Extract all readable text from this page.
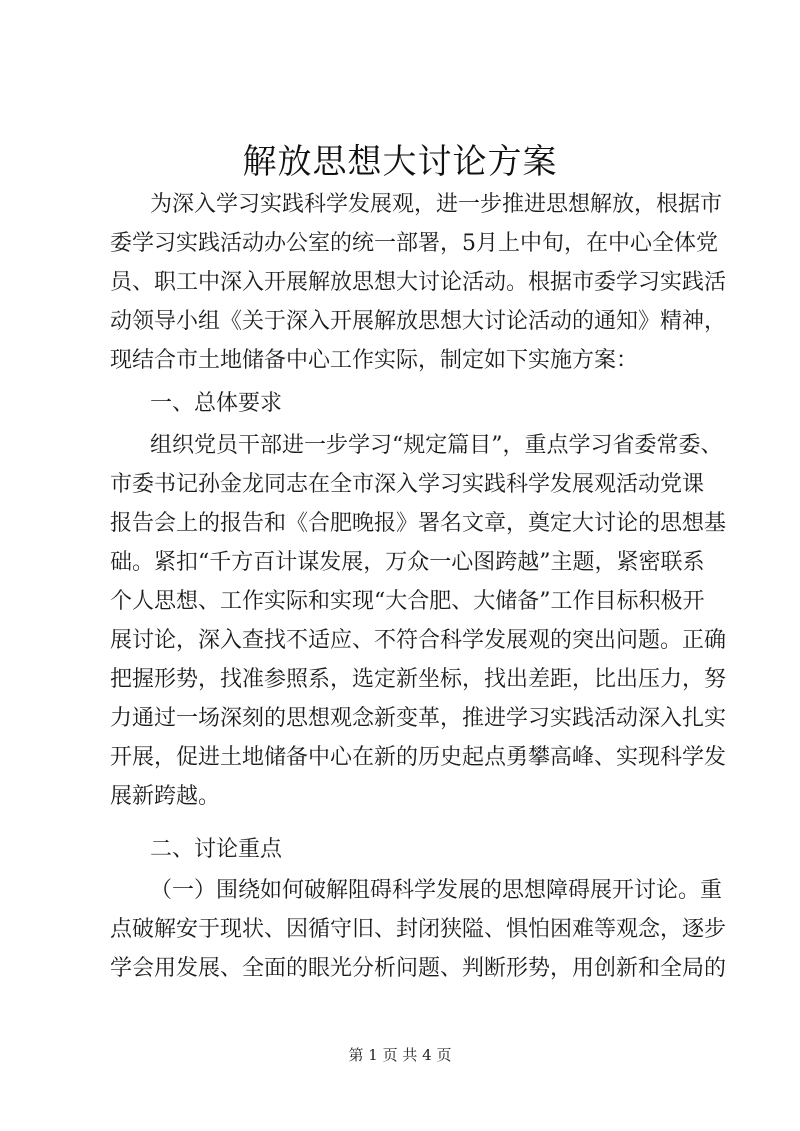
解放思想大讨论方案
为深入学习实践科学发展观，进一步推进思想解放，根据市
委学习实践活动办公室的统一部署，5月上中旬，在中心全体党
员、职工中深入开展解放思想大讨论活动。根据市委学习实践活
动领导小组《关于深入开展解放思想大讨论活动的通知》精神，
现结合市土地储备中心工作实际，制定如下实施方案：
一、总体要求
组织党员干部进一步学习“规定篇目”，重点学习省委常委、
市委书记孙金龙同志在全市深入学习实践科学发展观活动党课
报告会上的报告和《合肥晚报》署名文章，奠定大讨论的思想基
础。紧扣“千方百计谋发展，万众一心图跨越”主题，紧密联系
个人思想、工作实际和实现“大合肥、大储备”工作目标积极开
展讨论，深入查找不适应、不符合科学发展观的突出问题。正确
把握形势，找准参照系，选定新坐标，找出差距，比出压力，努
力通过一场深刻的思想观念新变革，推进学习实践活动深入扎实
开展，促进土地储备中心在新的历史起点勇攀高峰、实现科学发
展新跨越。
二、讨论重点
（一）围绕如何破解阻碍科学发展的思想障碍展开讨论。重
点破解安于现状、因循守旧、封闭狭隘、惧怕困难等观念，逐步
学会用发展、全面的眼光分析问题、判断形势，用创新和全局的
第 1 页 共 4 页
